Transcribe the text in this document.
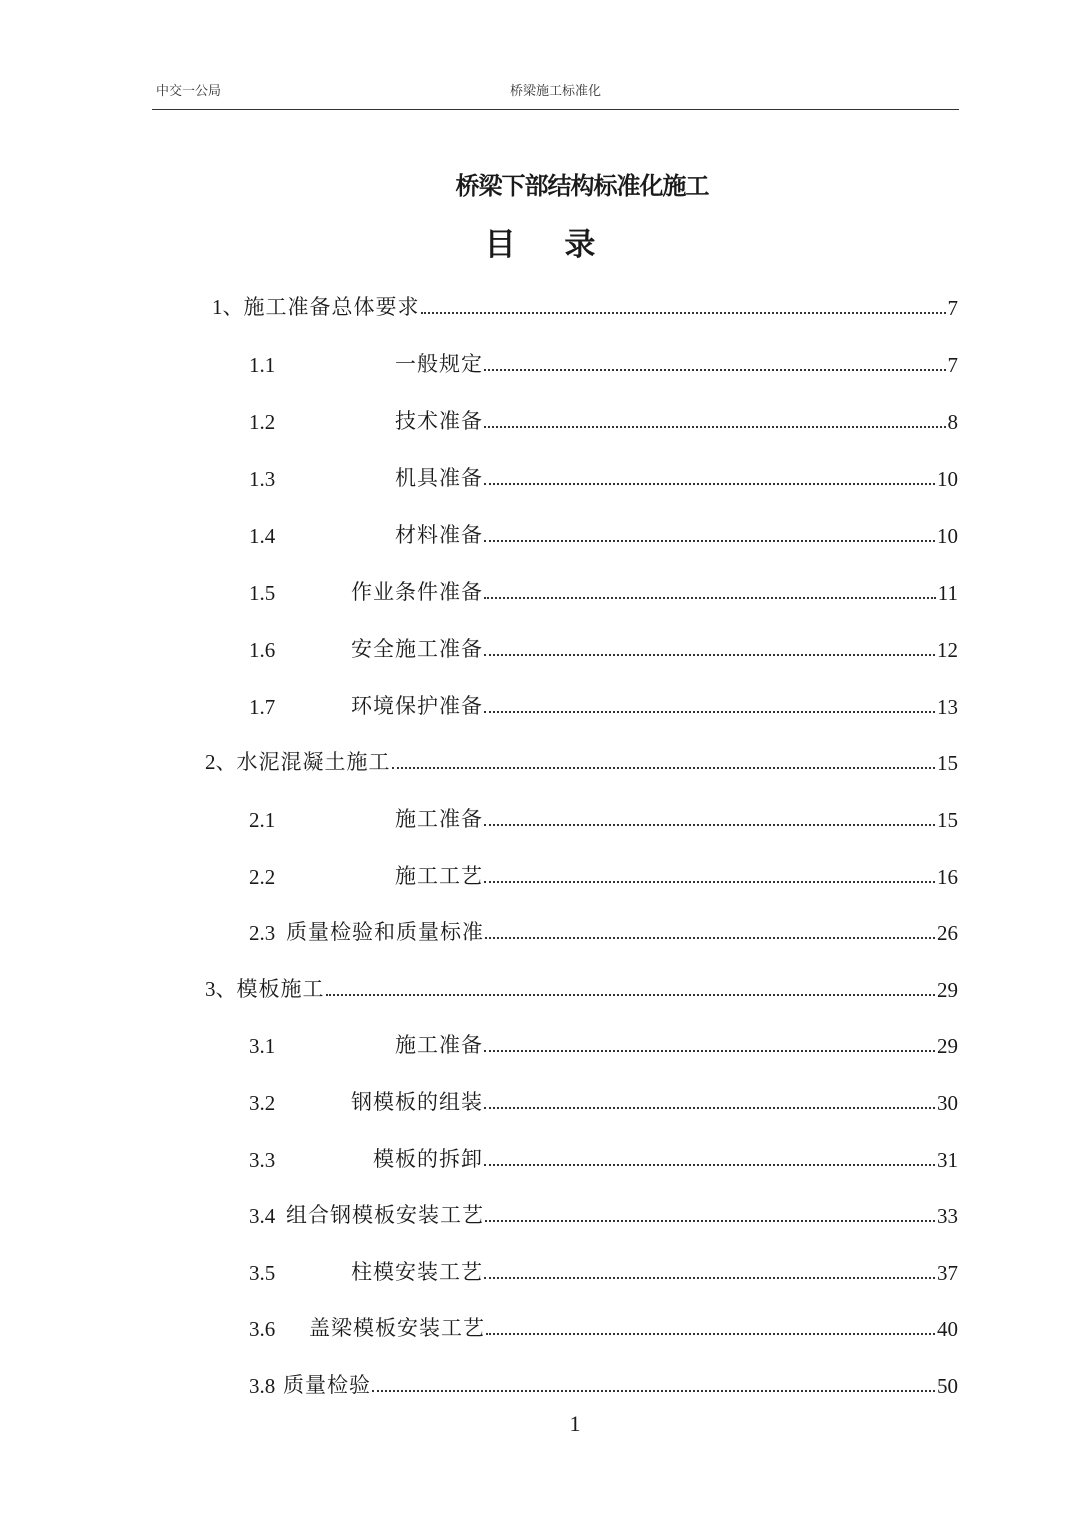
中交一公局	桥梁施工标准化
桥梁下部结构标准化施工
目 录
1、 施工准备总体要求	7
1.1	一般规定	7
1.2	技术准备	8
1.3	机具准备	10
1.4	材料准备	10
1.5	作业条件准备	11
1.6	安全施工准备	12
1.7	环境保护准备	13
2、 水泥混凝土施工	15
2.1	施工准备	15
2.2	施工工艺	16
2.3 质量检验和质量标准	26
3、 模板施工	29
3.1	施工准备	29
3.2	钢模板的组装	30
3.3	模板的拆卸	31
3.4 组合钢模板安装工艺	33
3.5	柱模安装工艺	37
3.6	盖梁模板安装工艺	40
3.8 质量检验	50
1
